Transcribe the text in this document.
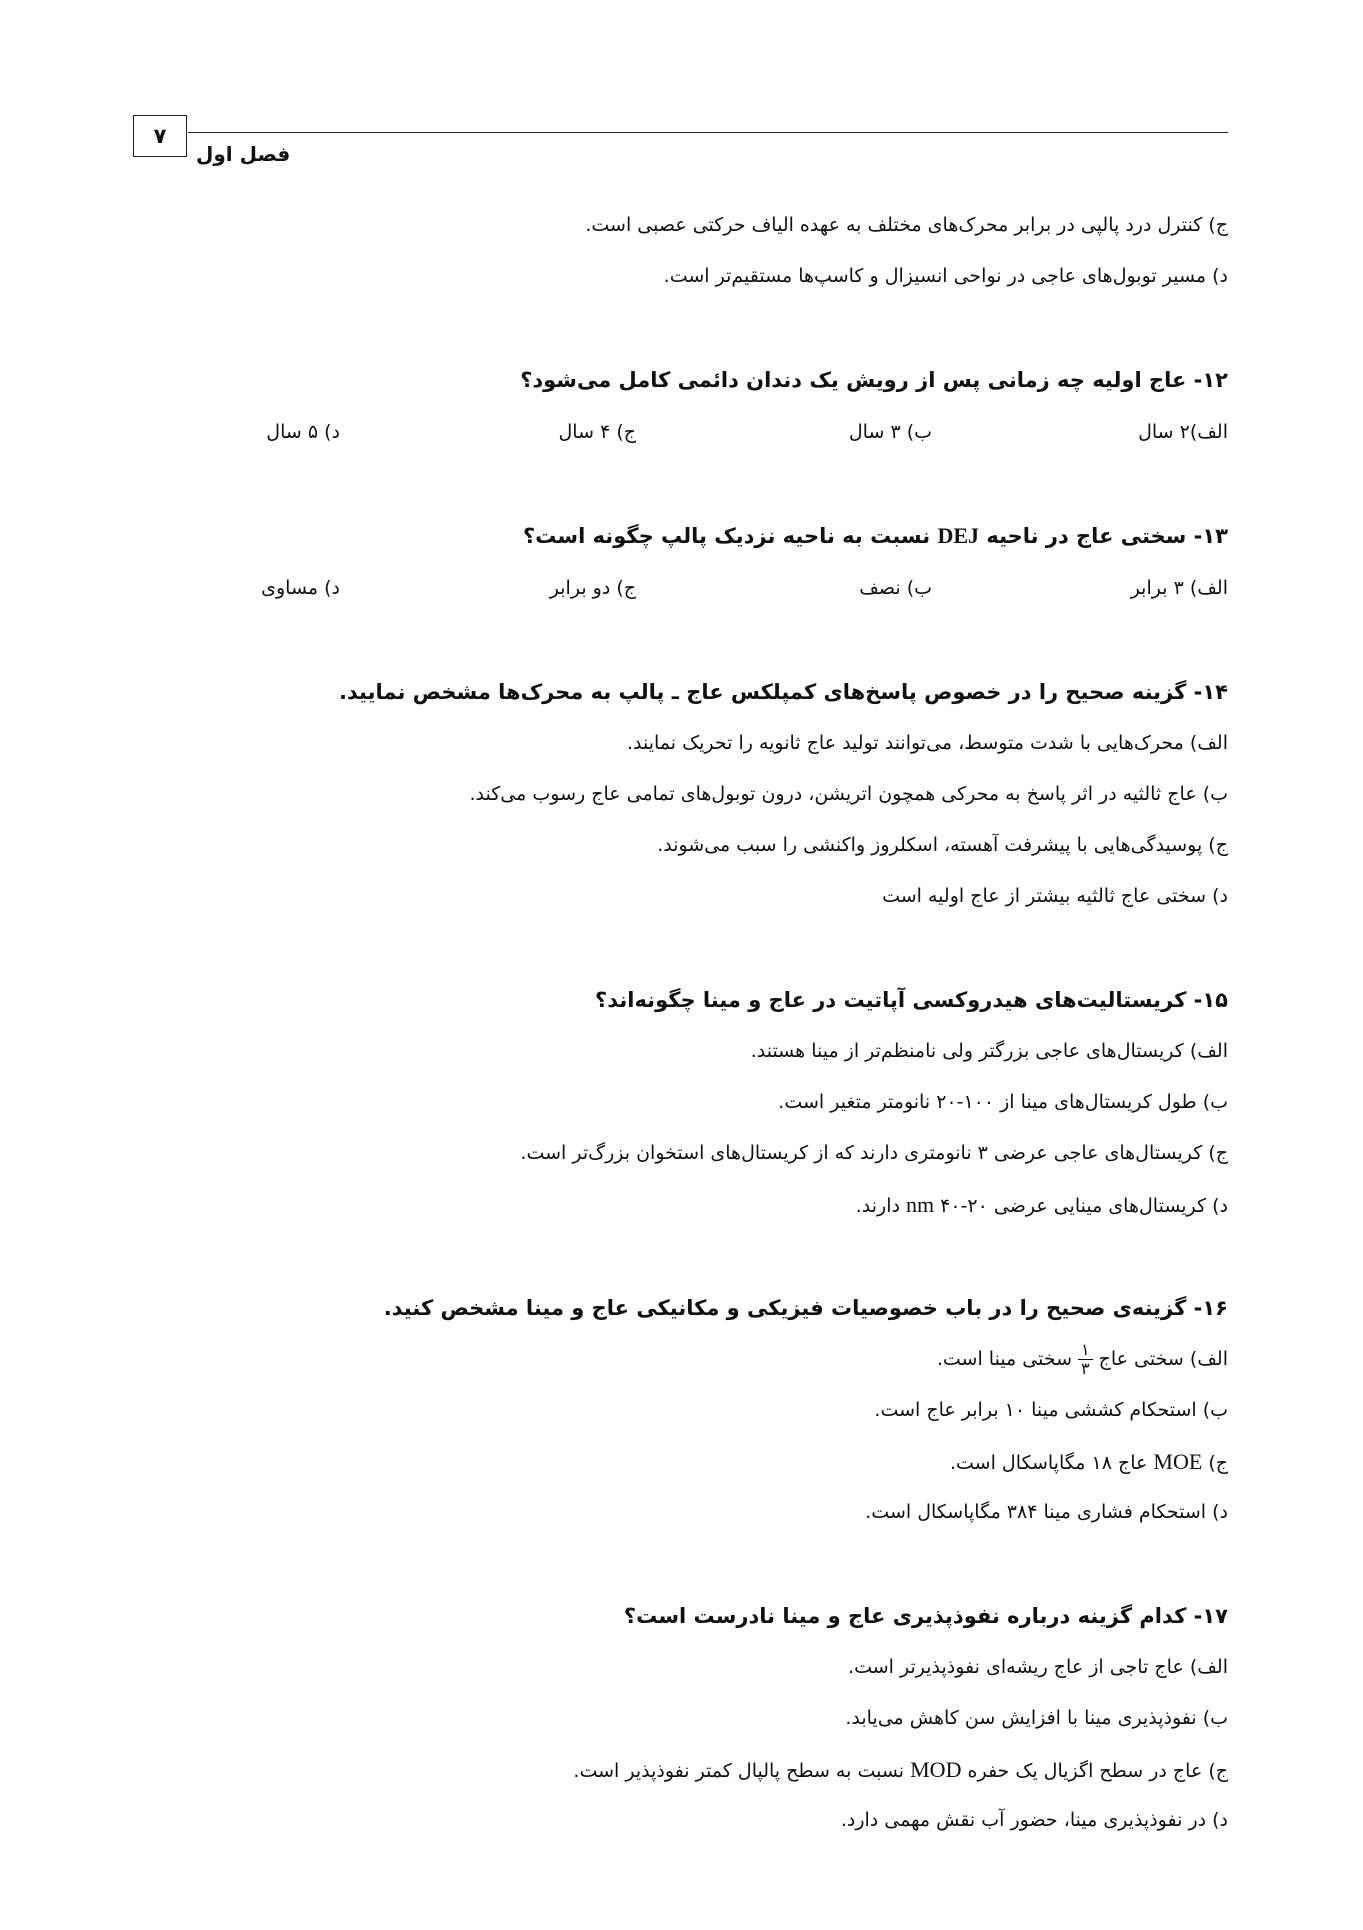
۷
فصل اول
ج) کنترل درد پالپی در برابر محرک‌های مختلف به عهده الیاف حرکتی عصبی است.
د) مسیر توبول‌های عاجی در نواحی انسیزال و کاسپ‌ها مستقیم‌تر است.
۱۲- عاج اولیه چه زمانی پس از رویش یک دندان دائمی کامل می‌شود؟
الف)۲ سال
ب) ۳ سال
ج) ۴ سال
د) ۵ سال
۱۳- سختی عاج در ناحیه DEJ نسبت به ناحیه نزدیک پالپ چگونه است؟
الف) ۳ برابر
ب) نصف
ج) دو برابر
د) مساوی
۱۴- گزینه صحیح را در خصوص پاسخ‌های کمپلکس عاج ـ پالپ به محرک‌ها مشخص نمایید.
الف) محرک‌هایی با شدت متوسط، می‌توانند تولید عاج ثانویه را تحریک نمایند.
ب) عاج ثالثیه در اثر پاسخ به محرکی همچون اتریشن، درون توبول‌های تمامی عاج رسوب می‌کند.
ج) پوسیدگی‌هایی با پیشرفت آهسته، اسکلروز واکنشی را سبب می‌شوند.
د) سختی عاج ثالثیه بیشتر از عاج اولیه است
۱۵- کریستالیت‌های هیدروکسی آپاتیت در عاج و مینا چگونه‌اند؟
الف) کریستال‌های عاجی بزرگتر ولی نامنظم‌تر از مینا هستند.
ب) طول کریستال‌های مینا از ۱۰۰-۲۰ نانومتر متغیر است.
ج) کریستال‌های عاجی عرضی ۳ نانومتری دارند که از کریستال‌های استخوان بزرگ‌تر است.
د) کریستال‌های مینایی عرضی nm ۴۰-۲۰ دارند.
۱۶- گزینه‌ی صحیح را در باب خصوصیات فیزیکی و مکانیکی عاج و مینا مشخص کنید.
الف) سختی عاج
$\frac{۱}{۳}$
سختی مینا است.
ب) استحکام کششی مینا ۱۰ برابر عاج است.
ج) MOE عاج ۱۸ مگاپاسکال است.
د) استحکام فشاری مینا ۳۸۴ مگاپاسکال است.
۱۷- کدام گزینه درباره نفوذپذیری عاج و مینا نادرست است؟
الف) عاج تاجی از عاج ریشه‌ای نفوذپذیرتر است.
ب) نفوذپذیری مینا با افزایش سن کاهش می‌یابد.
ج) عاج در سطح اگزیال یک حفره MOD نسبت به سطح پالپال کمتر نفوذپذیر است.
د) در نفوذپذیری مینا، حضور آب نقش مهمی دارد.
